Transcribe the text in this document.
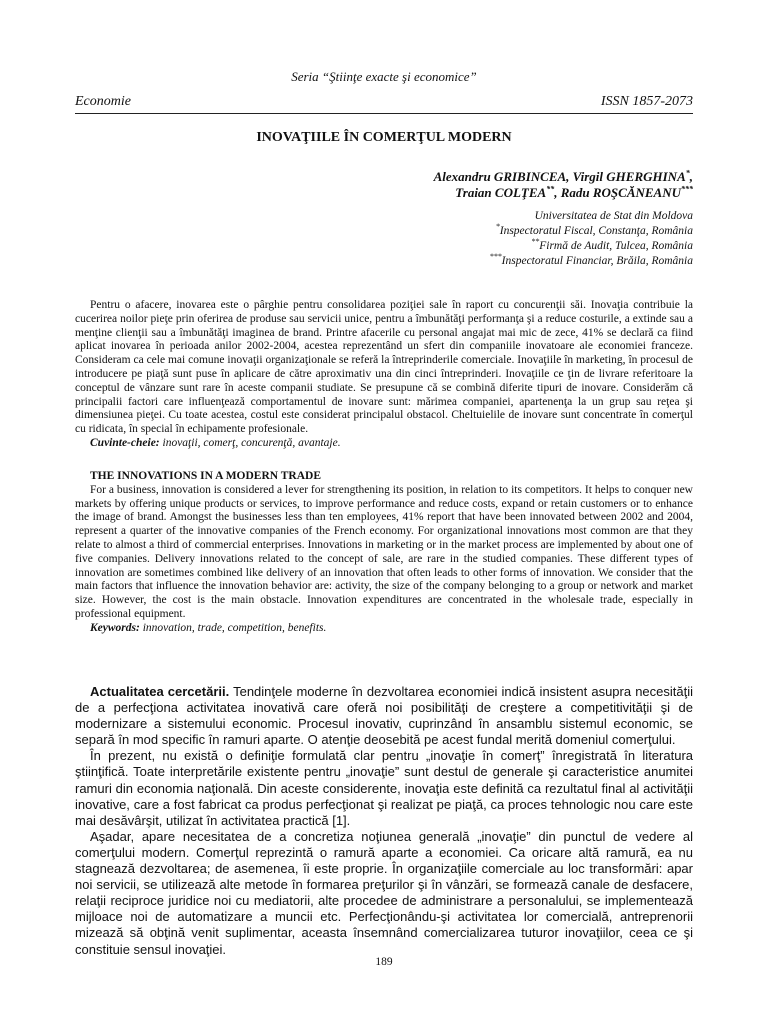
Seria “Ştiinţe exacte şi economice”
Economie	ISSN 1857-2073
INOVAŢIILE ÎN COMERŢUL MODERN
Alexandru GRIBINCEA, Virgil GHERGHINA*,
Traian COLŢEA**, Radu ROŞCĂNEANU***
Universitatea de Stat din Moldova
*Inspectoratul Fiscal, Constanţa, România
**Firmă de Audit, Tulcea, România
***Inspectoratul Financiar, Brăila, România

Pentru o afacere, inovarea este o pârghie pentru consolidarea poziţiei sale în raport cu concurenţii săi. Inovaţia contribuie la cucerirea noilor pieţe prin oferirea de produse sau servicii unice, pentru a îmbunătăţi performanţa şi a reduce costurile, a extinde sau a menţine clienţii sau a îmbunătăţi imaginea de brand. Printre afacerile cu personal angajat mai mic de zece, 41% se declară ca fiind aplicat inovarea în perioada anilor 2002-2004, acestea reprezentând un sfert din companiile inovatoare ale economiei franceze. Consideram ca cele mai comune inovaţii organizaţionale se referă la întreprinderile comerciale. Inovaţiile în marketing, în procesul de introducere pe piaţă sunt puse în aplicare de către aproximativ una din cinci întreprinderi. Inovaţiile ce ţin de livrare referitoare la conceptul de vânzare sunt rare în aceste companii studiate. Se presupune că se combină diferite tipuri de inovare. Considerăm că principalii factori care influenţează comportamentul de inovare sunt: mărimea companiei, apartenenţa la un grup sau reţea şi dimensiunea pieţei. Cu toate acestea, costul este considerat principalul obstacol. Cheltuielile de inovare sunt concentrate în comerţul cu ridicata, în special în echipamente profesionale.

Cuvinte-cheie: inovaţii, comerţ, concurenţă, avantaje.

THE INNOVATIONS IN A MODERN TRADE

For a business, innovation is considered a lever for strengthening its position, in relation to its competitors. It helps to conquer new markets by offering unique products or services, to improve performance and reduce costs, expand or retain customers or to enhance the image of brand. Amongst the businesses less than ten employees, 41% report that have been innovated between 2002 and 2004, represent a quarter of the innovative companies of the French economy. For organizational innovations most common are that they relate to almost a third of commercial enterprises. Innovations in marketing or in the market process are implemented by about one of five companies. Delivery innovations related to the concept of sale, are rare in the studied companies. These different types of innovation are sometimes combined like delivery of an innovation that often leads to other forms of innovation. We consider that the main factors that influence the innovation behavior are: activity, the size of the company belonging to a group or network and market size. However, the cost is the main obstacle. Innovation expenditures are concentrated in the wholesale trade, especially in professional equipment.

Keywords: innovation, trade, competition, benefits.

Actualitatea cercetării. Tendinţele moderne în dezvoltarea economiei indică insistent asupra necesităţii de a perfecţiona activitatea inovativă care oferă noi posibilităţi de creştere a competitivităţii şi de modernizare a sistemului economic. Procesul inovativ, cuprinzând în ansamblu sistemul economic, se separă în mod specific în ramuri aparte. O atenţie deosebită pe acest fundal merită domeniul comerţului.

În prezent, nu există o definiţie formulată clar pentru „inovaţie în comerţ” înregistrată în literatura ştiinţifică. Toate interpretările existente pentru „inovaţie” sunt destul de generale şi caracteristice anumitei ramuri din economia naţională. Din aceste considerente, inovaţia este definită ca rezultatul final al activităţii inovative, care a fost fabricat ca produs perfecţionat şi realizat pe piaţă, ca proces tehnologic nou care este mai desăvârşit, utilizat în activitatea practică [1].

Aşadar, apare necesitatea de a concretiza noţiunea generală „inovaţie” din punctul de vedere al comerţului modern. Comerţul reprezintă o ramură aparte a economiei. Ca oricare altă ramură, ea nu stagnează dezvoltarea; de asemenea, îi este proprie. În organizaţiile comerciale au loc transformări: apar noi servicii, se utilizează alte metode în formarea preţurilor şi în vânzări, se formează canale de desfacere, relaţii reciproce juridice noi cu mediatorii, alte procedee de administrare a personalului, se implementează mijloace noi de automatizare a muncii etc. Perfecţionându-şi activitatea lor comercială, antreprenorii mizează să obţină venit suplimentar, aceasta însemnând comercializarea tuturor inovaţiilor, ceea ce şi constituie sensul inovaţiei.

189
